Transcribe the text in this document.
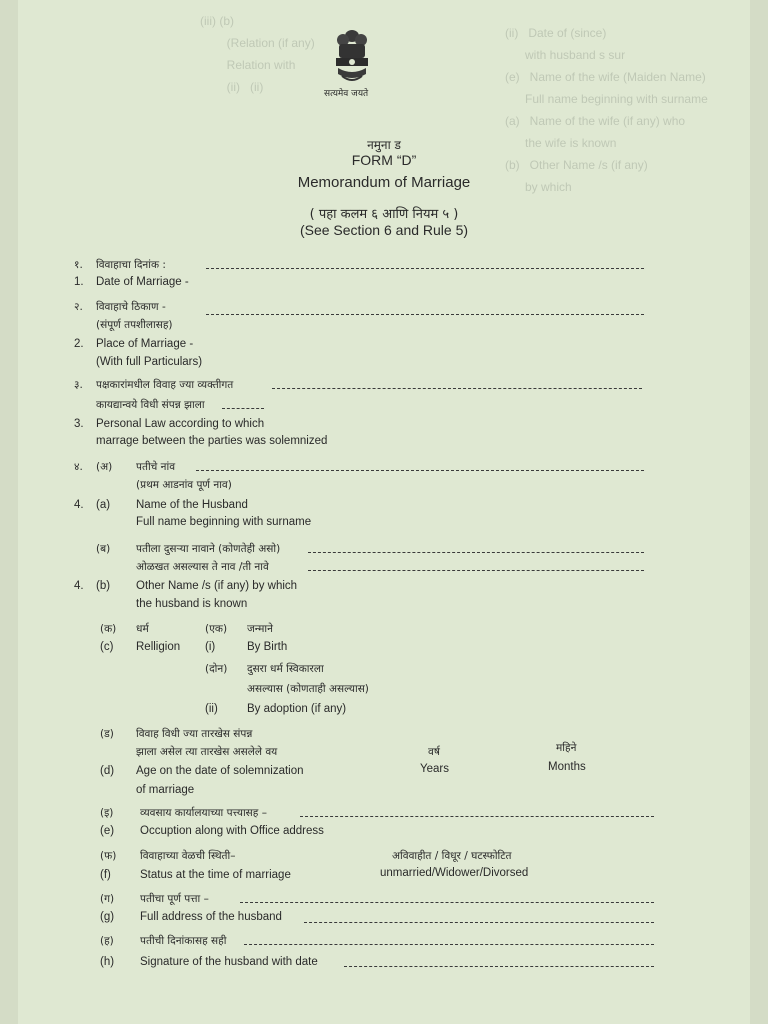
(ii)   Date of (since)
with husband s sur
(e)   Name of the wife (Maiden Name)
Full name beginning with surname
(a)   Name of the wife (if any) who
the wife is known
(b)   Other Name /s (if any)
by which
(iii) (b)
(Relation (if any)
Relation with
(ii)   (ii)	सत्यमेव जयते
नमुना ड
FORM “D”
Memorandum of Marriage
( पहा कलम ६ आणि नियम ५ )
(See Section 6 and Rule 5)
१. विवाहाचा दिनांक :
1. Date of Marriage -
२. विवाहाचे ठिकाण -
(संपूर्ण तपशीलासह)
2. Place of Marriage -
(With full Particulars)
३. पक्षकारांमधील विवाह ज्या व्यक्तीगत
कायद्यान्वये विधी संपन्न झाला
3. Personal Law according to which
marrage between the parties was solemnized
४. (अ) पतीचे नांव
(प्रथम आडनांव पूर्ण नाव)
4. (a) Name of the Husband
Full name beginning with surname
(ब) पतीला दुसऱ्या नावाने (कोणतेही असो)
ओळखत असल्यास ते नाव /ती नावे
4. (b) Other Name /s (if any) by which
the husband is known
(क) धर्म	(एक) जन्माने
(c) Relligion (i)	By Birth
(दोन) दुसरा धर्म स्विकारला
असल्यास (कोणताही असल्यास)
(ii)	By adoption (if any)
(ड) विवाह विधी ज्या तारखेस संपन्न
झाला असेल त्या तारखेस असलेले वय	वर्ष	महिने
(d) Age on the date of solemnization	Years	Months
of marriage
(इ)	व्यवसाय कार्यालयाच्या पत्त्यासह –
(e) Occuption along with Office address
(फ) विवाहाच्या वेळची स्थिती–	अविवाहीत / विधूर / घटस्फोटित
(f)	Status at the time of marriage	unmarried/Widower/Divorsed
(ग) पतीचा पूर्ण पत्ता –
(g) Full address of the husband
(ह) पतीची दिनांकासह सही
(h) Signature of the husband with date
